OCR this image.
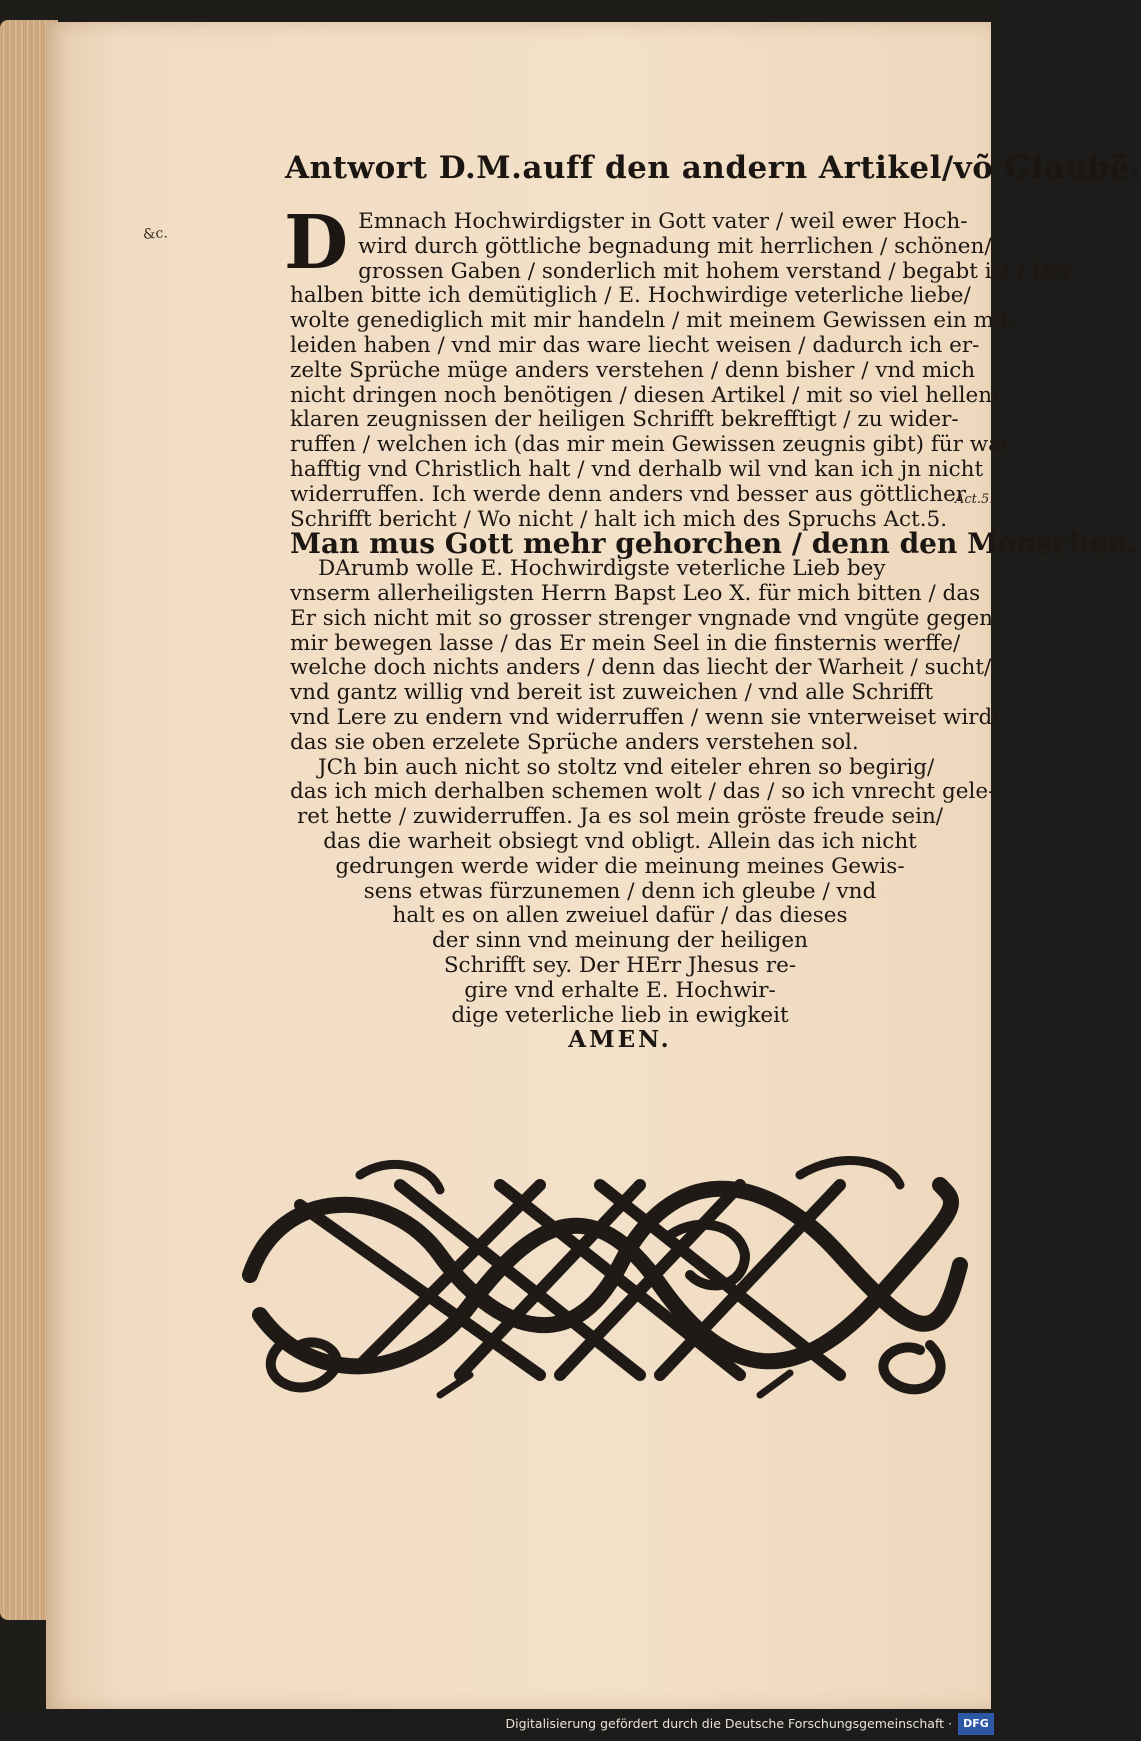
&c.
Antwort D.M.auff den andern Artikel/võ Glaubẽ.
D Emnach Hochwirdigster in Gott vater / weil ewer Hoch-
wird durch göttliche begnadung mit herrlichen / schönen/
grossen Gaben / sonderlich mit hohem verstand / begabt ist / Der-
halben bitte ich demütiglich / E. Hochwirdige veterliche liebe/
wolte genediglich mit mir handeln / mit meinem Gewissen ein mit-
leiden haben / vnd mir das ware liecht weisen / dadurch ich er-
zelte Sprüche müge anders verstehen / denn bisher / vnd mich
nicht dringen noch benötigen / diesen Artikel / mit so viel hellen/
klaren zeugnissen der heiligen Schrifft bekrefftigt / zu wider-
ruffen / welchen ich (das mir mein Gewissen zeugnis gibt) für war
hafftig vnd Christlich halt / vnd derhalb wil vnd kan ich jn nicht
widerruffen. Ich werde denn anders vnd besser aus göttlicher
Schrifft bericht / Wo nicht / halt ich mich des Spruchs Act.5.
Man mus Gott mehr gehorchen / denn den Menschen.
DArumb wolle E. Hochwirdigste veterliche Lieb bey
vnserm allerheiligsten Herrn Bapst Leo X. für mich bitten / das
Er sich nicht mit so grosser strenger vngnade vnd vngüte gegen
mir bewegen lasse / das Er mein Seel in die finsternis werffe/
welche doch nichts anders / denn das liecht der Warheit / sucht/
vnd gantz willig vnd bereit ist zuweichen / vnd alle Schrifft
vnd Lere zu endern vnd widerruffen / wenn sie vnterweiset wird/
das sie oben erzelete Sprüche anders verstehen sol.
JCh bin auch nicht so stoltz vnd eiteler ehren so begirig/
das ich mich derhalben schemen wolt / das / so ich vnrecht gele-
ret hette / zuwiderruffen. Ja es sol mein gröste freude sein/
das die warheit obsiegt vnd obligt. Allein das ich nicht
gedrungen werde wider die meinung meines Gewis-
sens etwas fürzunemen / denn ich gleube / vnd
halt es on allen zweiuel dafür / das dieses
der sinn vnd meinung der heiligen
Schrifft sey. Der HErr Jhesus re-
gire vnd erhalte E. Hochwir-
dige veterliche lieb in ewigkeit
AMEN.
Act.5.
Digitalisierung gefördert durch die Deutsche Forschungsgemeinschaft ·	DFG
